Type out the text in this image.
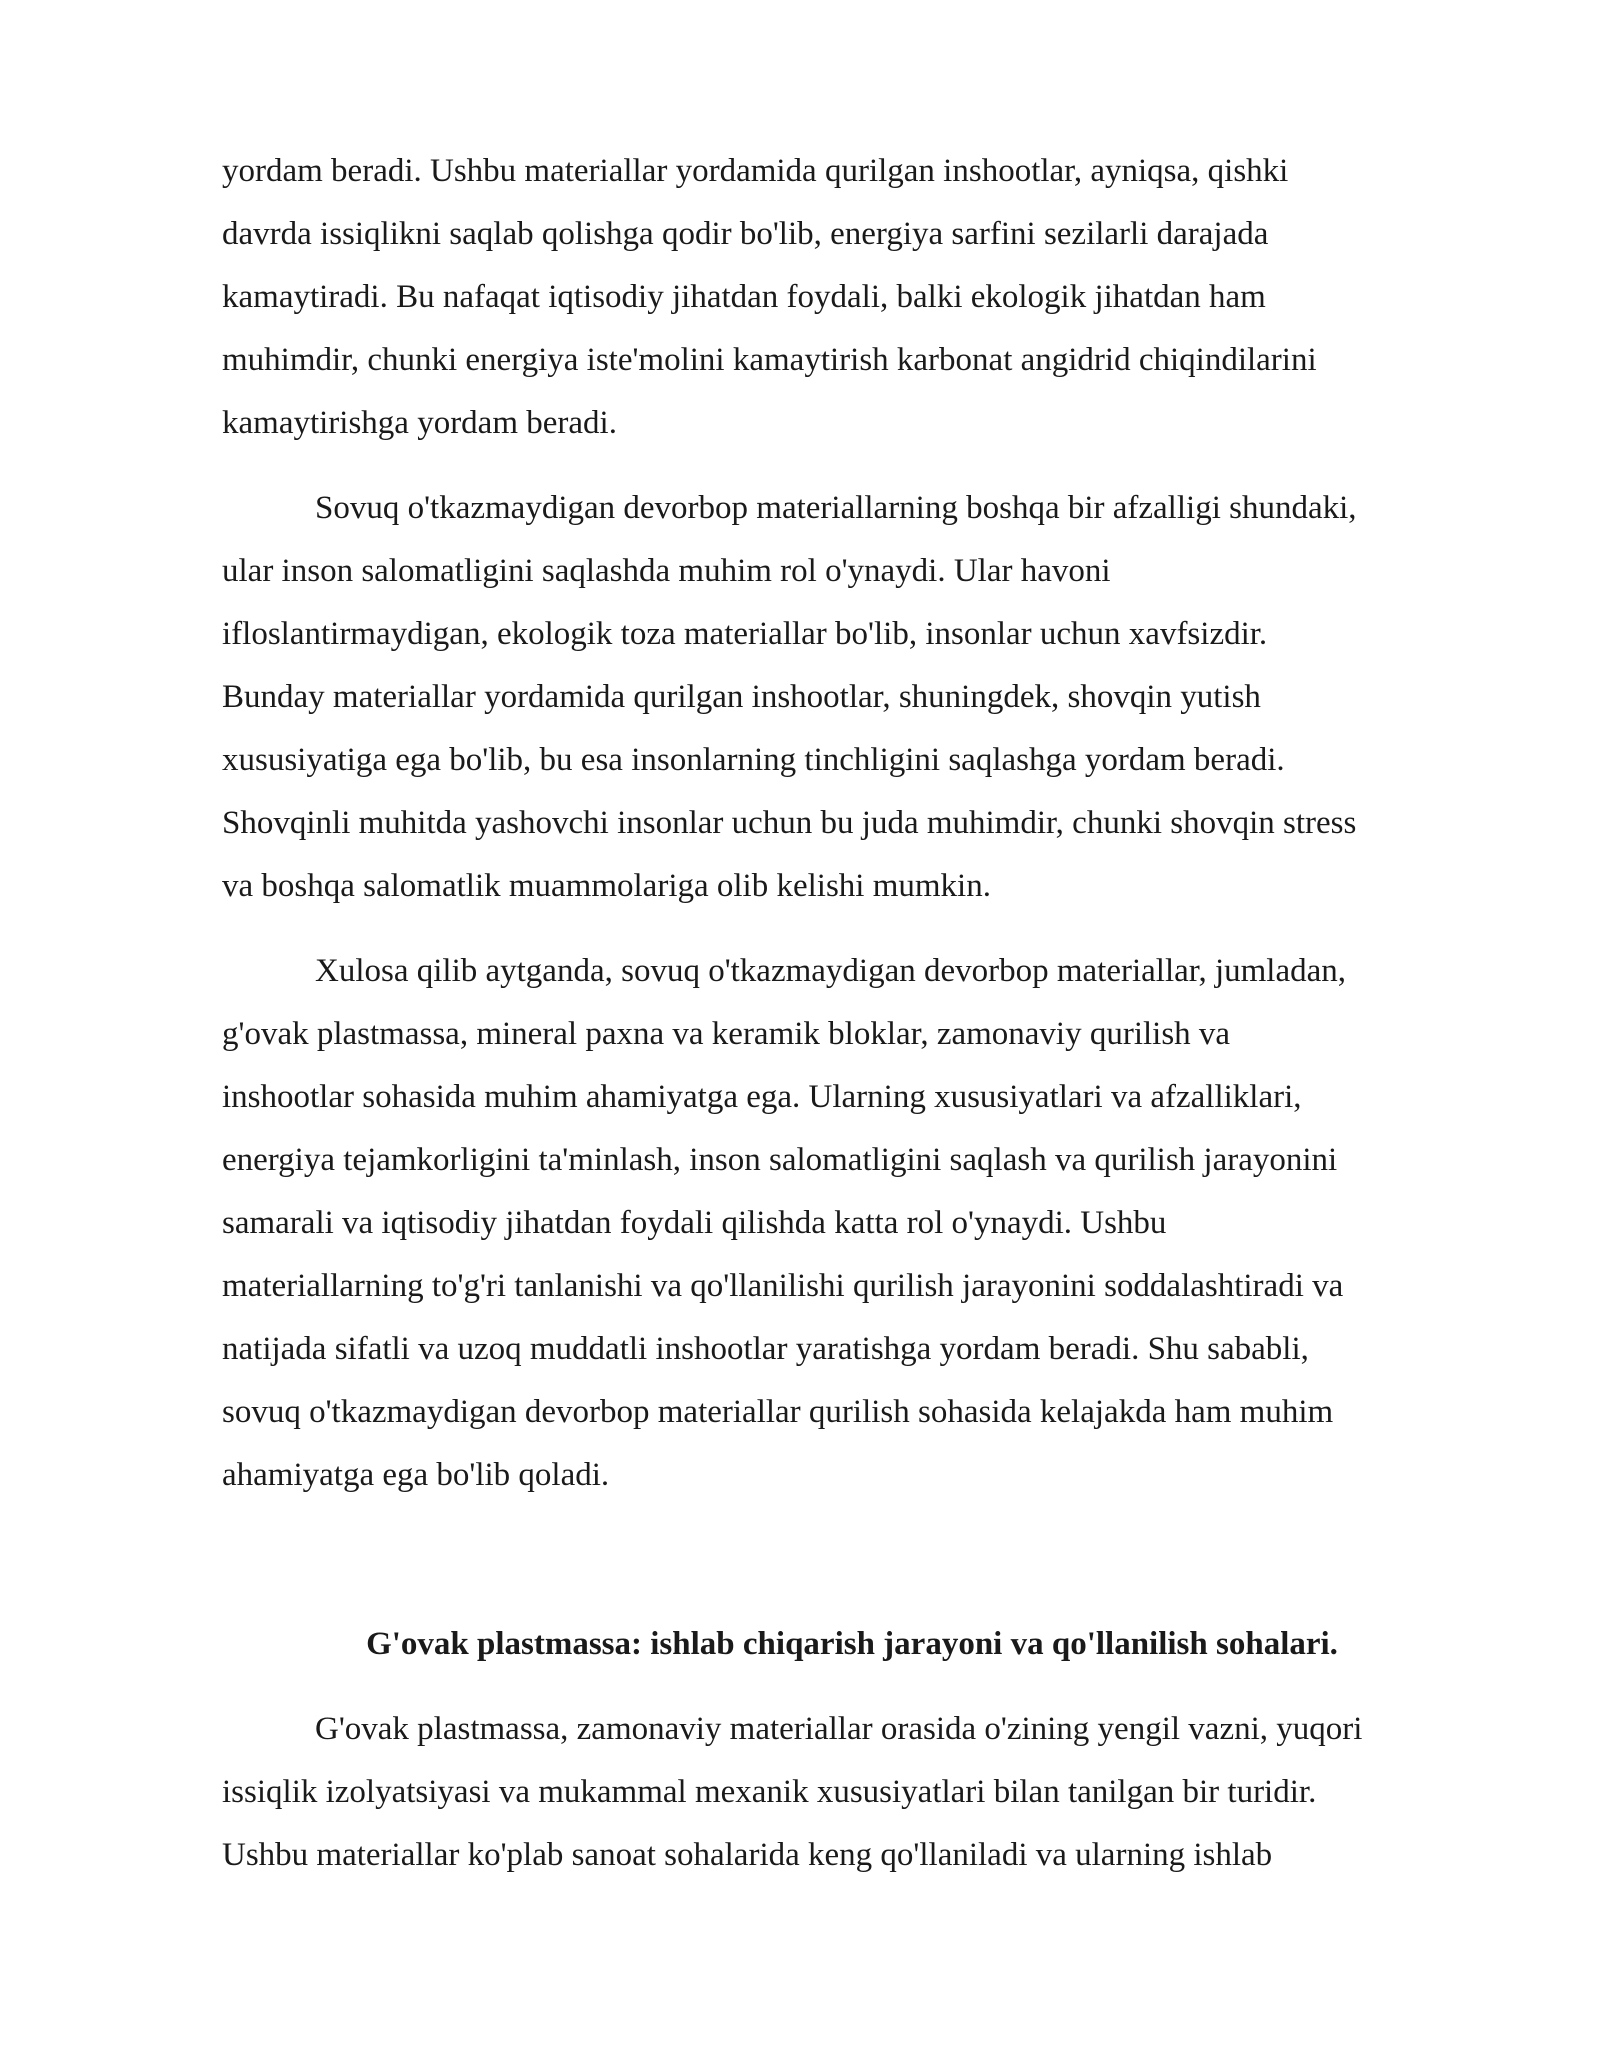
yordam beradi. Ushbu materiallar yordamida qurilgan inshootlar, ayniqsa, qishki
davrda issiqlikni saqlab qolishga qodir bo'lib, energiya sarfini sezilarli darajada
kamaytiradi. Bu nafaqat iqtisodiy jihatdan foydali, balki ekologik jihatdan ham
muhimdir, chunki energiya iste'molini kamaytirish karbonat angidrid chiqindilarini
kamaytirishga yordam beradi.

Sovuq o'tkazmaydigan devorbop materiallarning boshqa bir afzalligi shundaki,
ular inson salomatligini saqlashda muhim rol o'ynaydi. Ular havoni
ifloslantirmaydigan, ekologik toza materiallar bo'lib, insonlar uchun xavfsizdir.
Bunday materiallar yordamida qurilgan inshootlar, shuningdek, shovqin yutish
xususiyatiga ega bo'lib, bu esa insonlarning tinchligini saqlashga yordam beradi.
Shovqinli muhitda yashovchi insonlar uchun bu juda muhimdir, chunki shovqin stress
va boshqa salomatlik muammolariga olib kelishi mumkin.

Xulosa qilib aytganda, sovuq o'tkazmaydigan devorbop materiallar, jumladan,
g'ovak plastmassa, mineral paxna va keramik bloklar, zamonaviy qurilish va
inshootlar sohasida muhim ahamiyatga ega. Ularning xususiyatlari va afzalliklari,
energiya tejamkorligini ta'minlash, inson salomatligini saqlash va qurilish jarayonini
samarali va iqtisodiy jihatdan foydali qilishda katta rol o'ynaydi. Ushbu
materiallarning to'g'ri tanlanishi va qo'llanilishi qurilish jarayonini soddalashtiradi va
natijada sifatli va uzoq muddatli inshootlar yaratishga yordam beradi. Shu sababli,
sovuq o'tkazmaydigan devorbop materiallar qurilish sohasida kelajakda ham muhim
ahamiyatga ega bo'lib qoladi.

G'ovak plastmassa: ishlab chiqarish jarayoni va qo'llanilish sohalari.

G'ovak plastmassa, zamonaviy materiallar orasida o'zining yengil vazni, yuqori
issiqlik izolyatsiyasi va mukammal mexanik xususiyatlari bilan tanilgan bir turidir.
Ushbu materiallar ko'plab sanoat sohalarida keng qo'llaniladi va ularning ishlab
